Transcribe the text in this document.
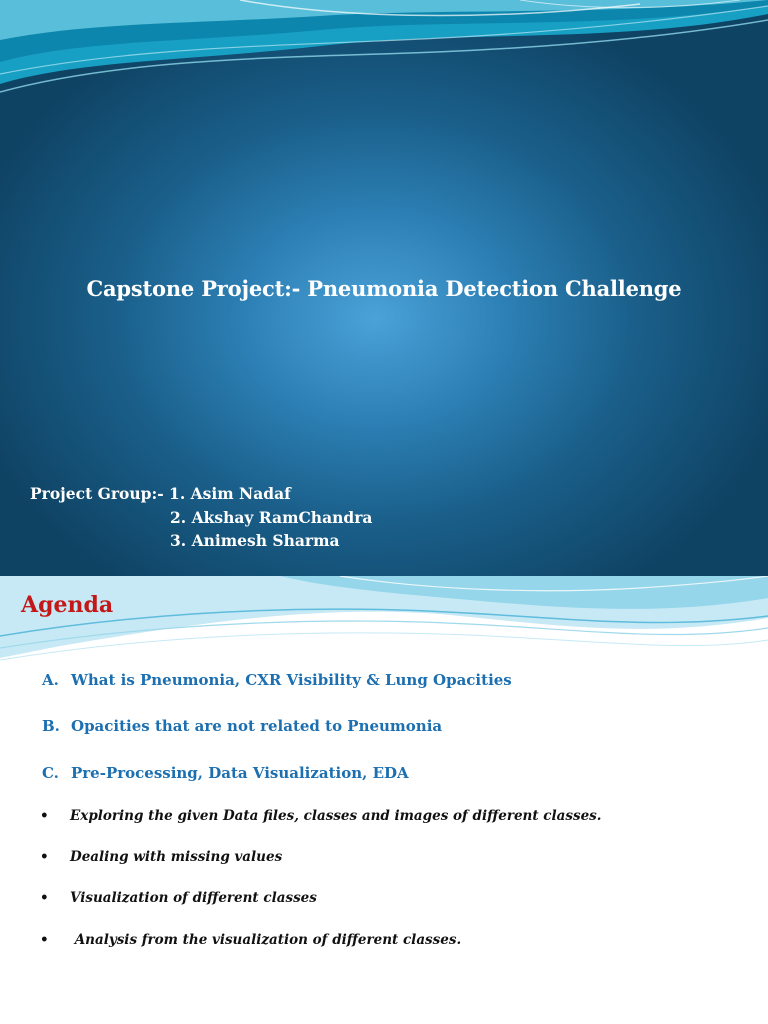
Capstone Project:- Pneumonia Detection Challenge
Project Group:- 1. Asim Nadaf
2. Akshay RamChandra
3. Animesh Sharma
Agenda
A. What is Pneumonia, CXR Visibility & Lung Opacities
B. Opacities that are not related to Pneumonia
C. Pre-Processing, Data Visualization, EDA
• Exploring the given Data files, classes and images of different classes.
• Dealing with missing values
• Visualization of different classes
• Analysis from the visualization of different classes.
